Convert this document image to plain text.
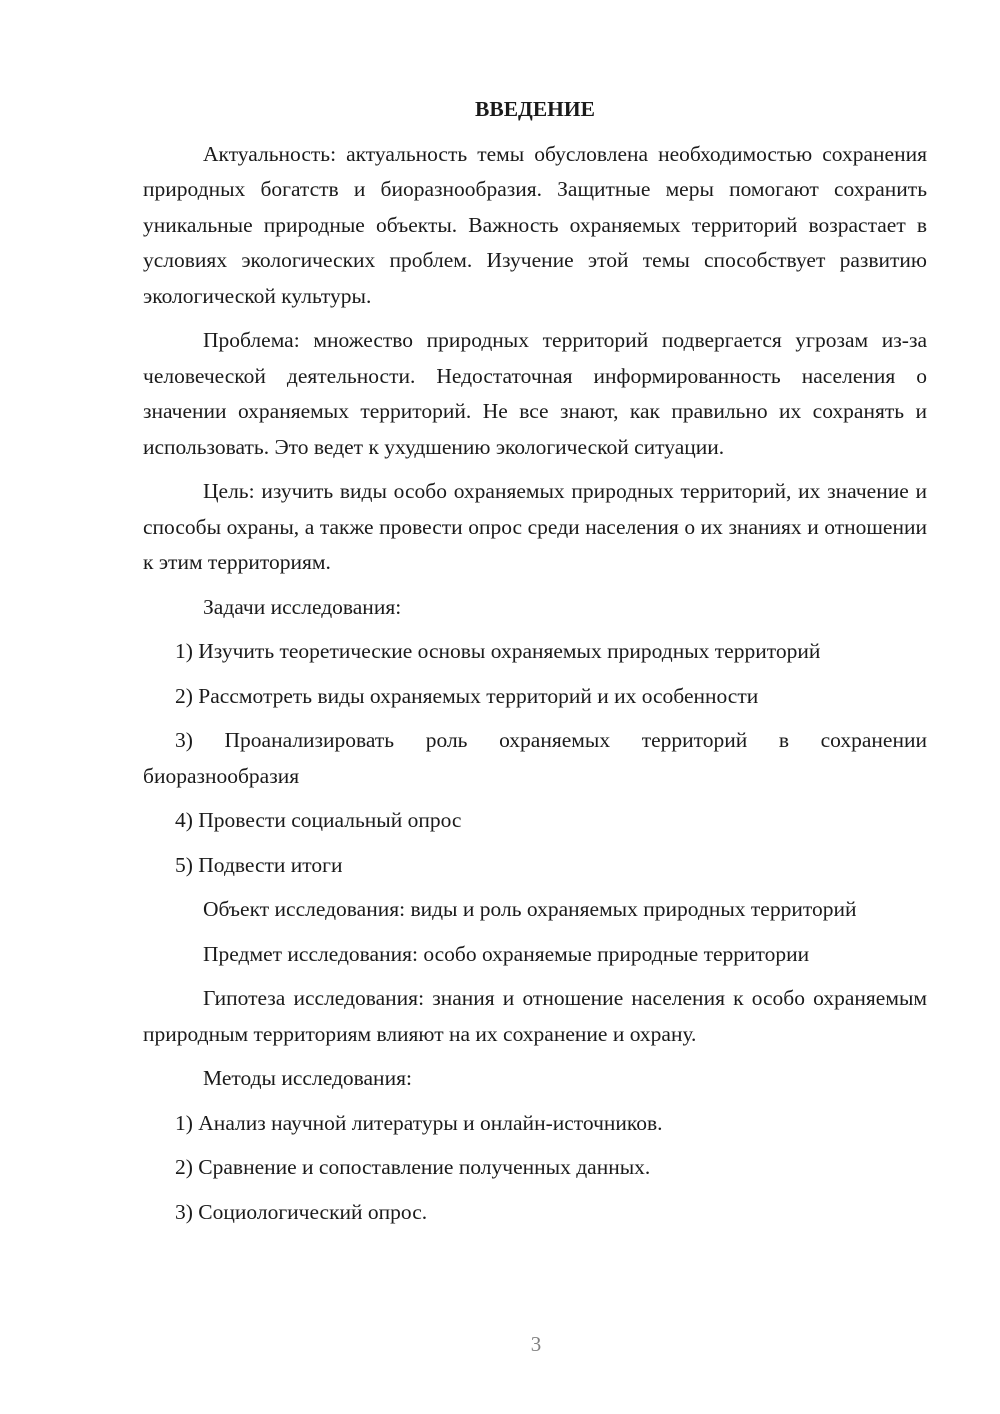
ВВЕДЕНИЕ
Актуальность: актуальность темы обусловлена необходимостью сохранения природных богатств и биоразнообразия. Защитные меры помогают сохранить уникальные природные объекты. Важность охраняемых территорий возрастает в условиях экологических проблем. Изучение этой темы способствует развитию экологической культуры.
Проблема: множество природных территорий подвергается угрозам из-за человеческой деятельности. Недостаточная информированность населения о значении охраняемых территорий. Не все знают, как правильно их сохранять и использовать. Это ведет к ухудшению экологической ситуации.
Цель: изучить виды особо охраняемых природных территорий, их значение и способы охраны, а также провести опрос среди населения о их знаниях и отношении к этим территориям.
Задачи исследования:
1) Изучить теоретические основы охраняемых природных территорий
2) Рассмотреть виды охраняемых территорий и их особенности
3) Проанализировать роль охраняемых территорий в сохранении биоразнообразия
4) Провести социальный опрос
5) Подвести итоги
Объект исследования: виды и роль охраняемых природных территорий
Предмет исследования: особо охраняемые природные территории
Гипотеза исследования: знания и отношение населения к особо охраняемым природным территориям влияют на их сохранение и охрану.
Методы исследования:
1) Анализ научной литературы и онлайн-источников.
2) Сравнение и сопоставление полученных данных.
3) Социологический опрос.
3
